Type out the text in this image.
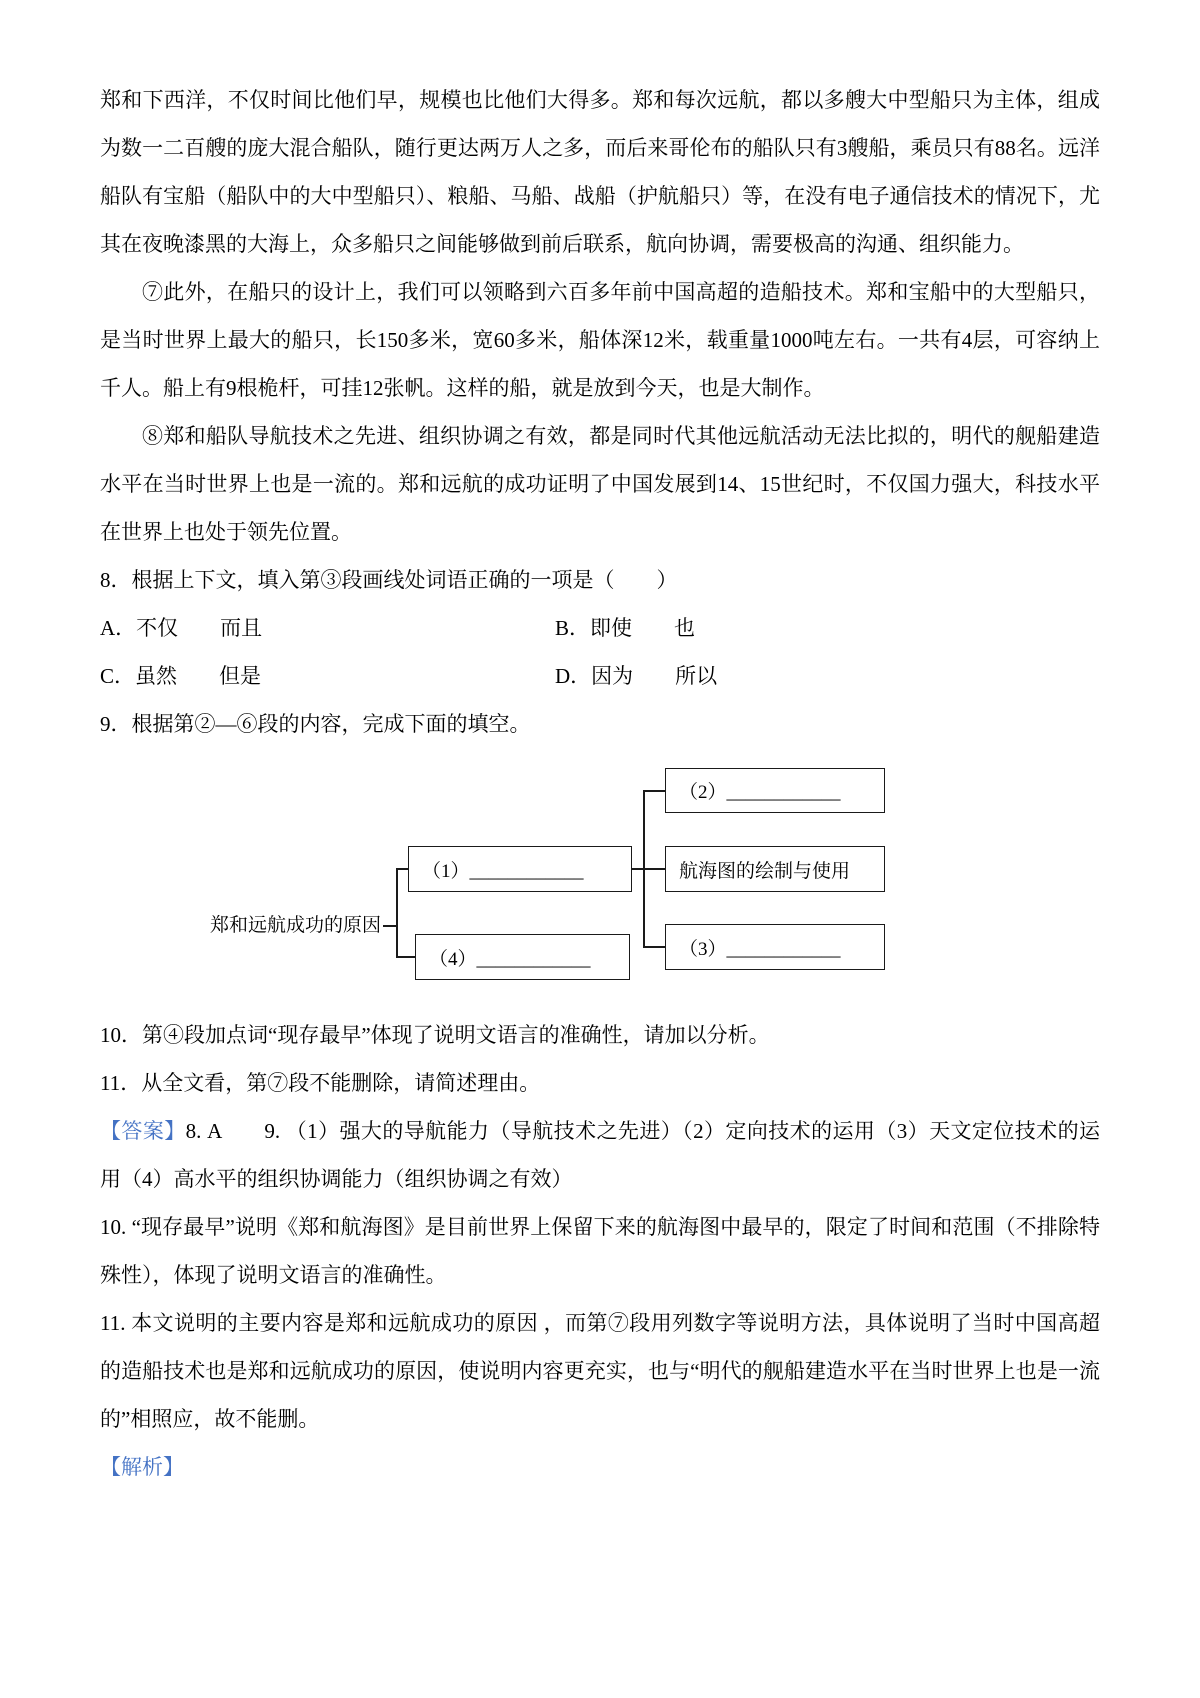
郑和下西洋，不仅时间比他们早，规模也比他们大得多。郑和每次远航，都以多艘大中型船只为主体，组成为数一二百艘的庞大混合船队，随行更达两万人之多，而后来哥伦布的船队只有3艘船，乘员只有88名。远洋船队有宝船（船队中的大中型船只）、粮船、马船、战船（护航船只）等，在没有电子通信技术的情况下，尤其在夜晚漆黑的大海上，众多船只之间能够做到前后联系，航向协调，需要极高的沟通、组织能力。

⑦此外，在船只的设计上，我们可以领略到六百多年前中国高超的造船技术。郑和宝船中的大型船只，是当时世界上最大的船只，长150多米，宽60多米，船体深12米，载重量1000吨左右。一共有4层，可容纳上千人。船上有9根桅杆，可挂12张帆。这样的船，就是放到今天，也是大制作。

⑧郑和船队导航技术之先进、组织协调之有效，都是同时代其他远航活动无法比拟的，明代的舰船建造水平在当时世界上也是一流的。郑和远航的成功证明了中国发展到14、15世纪时，不仅国力强大，科技水平在世界上也处于领先位置。

8．根据上下文，填入第③段画线处词语正确的一项是（　　）

A．不仅　　而且	B．即使　　也
C．虽然　　但是	D．因为　　所以

9．根据第②—⑥段的内容，完成下面的填空。

郑和远航成功的原因
（1）____________
（4）____________
（2）____________
航海图的绘制与使用
（3）____________

10．第④段加点词“现存最早”体现了说明文语言的准确性，请加以分析。

11．从全文看，第⑦段不能删除，请简述理由。

【答案】8. A　　9. （1）强大的导航能力（导航技术之先进）（2）定向技术的运用（3）天文定位技术的运用（4）高水平的组织协调能力（组织协调之有效）

10. “现存最早”说明《郑和航海图》是目前世界上保留下来的航海图中最早的，限定了时间和范围（不排除特殊性），体现了说明文语言的准确性。

11. 本文说明的主要内容是郑和远航成功的原因 ，而第⑦段用列数字等说明方法，具体说明了当时中国高超的造船技术也是郑和远航成功的原因，使说明内容更充实，也与“明代的舰船建造水平在当时世界上也是一流的”相照应，故不能删。

【解析】
